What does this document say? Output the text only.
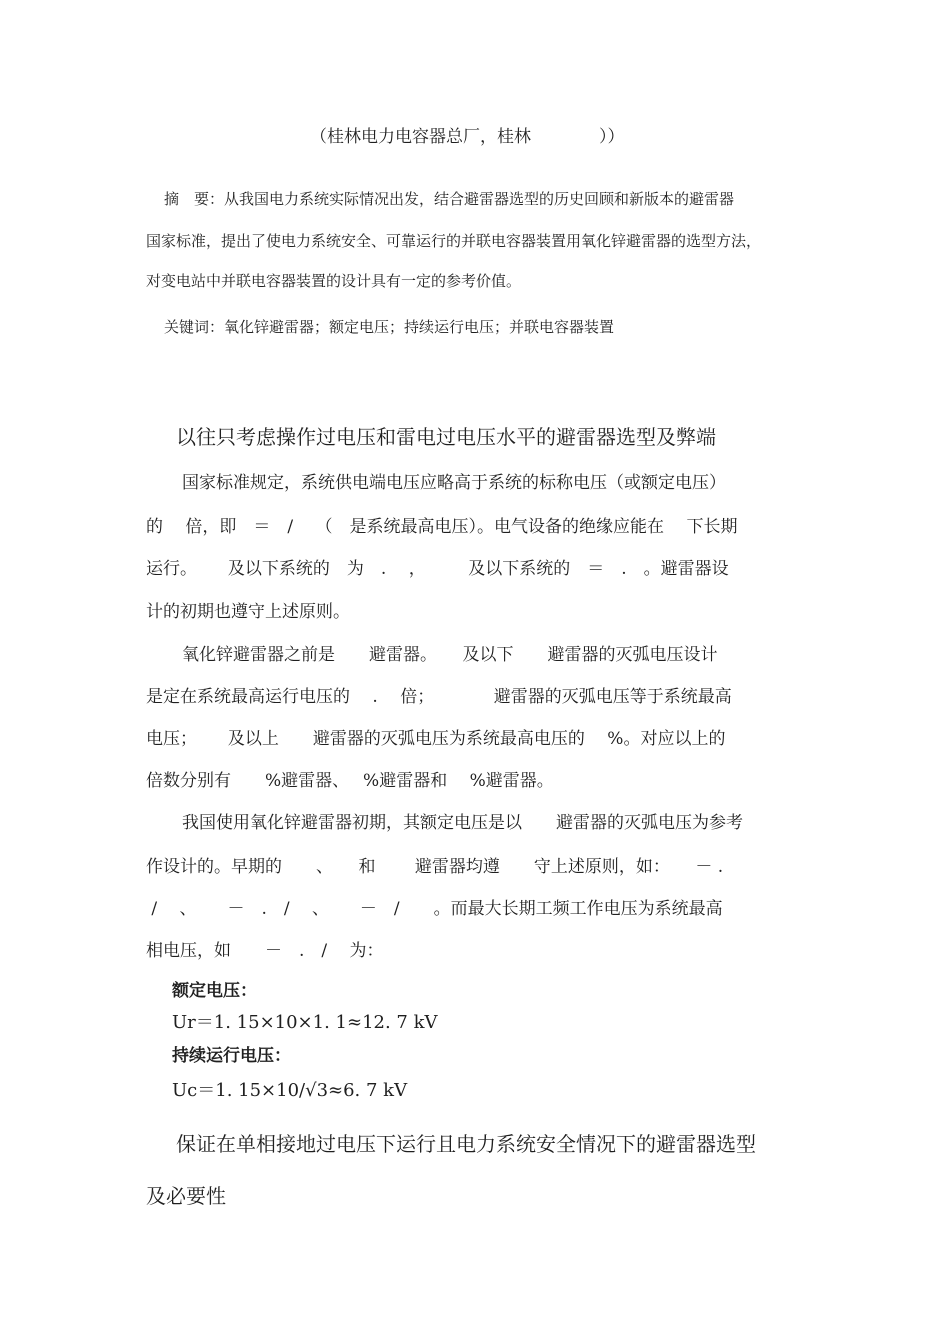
（桂林电力电容器总厂，桂林　　　　））
摘　要：从我国电力系统实际情况出发，结合避雷器选型的历史回顾和新版本的避雷器
国家标准，提出了使电力系统安全、可靠运行的并联电容器装置用氧化锌避雷器的选型方法，
对变电站中并联电容器装置的设计具有一定的参考价值。
关键词：氧化锌避雷器；额定电压；持续运行电压；并联电容器装置
以往只考虑操作过电压和雷电过电压水平的避雷器选型及弊端
国家标准规定，系统供电端电压应略高于系统的标称电压（或额定电压）
的　 倍，即　＝　/　 （　是系统最高电压）。电气设备的绝缘应能在　 下长期
运行。　　 及以下系统的　为　.　 ，　　　及以下系统的　＝　.　。避雷器设
计的初期也遵守上述原则。
氧化锌避雷器之前是　　避雷器。　　及以下　　避雷器的灭弧电压设计
是定在系统最高运行电压的　 .　 倍；　　　　避雷器的灭弧电压等于系统最高
电压；　　 及以上　　避雷器的灭弧电压为系统最高电压的　 %。对应以上的
倍数分别有　　%避雷器、　 %避雷器和　 %避雷器。
我国使用氧化锌避雷器初期，其额定电压是以　　避雷器的灭弧电压为参考
作设计的。早期的　　、　　和　　 避雷器均遵　　守上述原则，如：　　－ .
/　 、　　 －　.　/　 、　　 －　/　　。而最大长期工频工作电压为系统最高
相电压，如　　－　.　/　 为：
额定电压：
Ur＝1. 15×10×1. 1≈12. 7 kV
持续运行电压：
Uc＝1. 15×10/√3≈6. 7 kV
保证在单相接地过电压下运行且电力系统安全情况下的避雷器选型
及必要性
